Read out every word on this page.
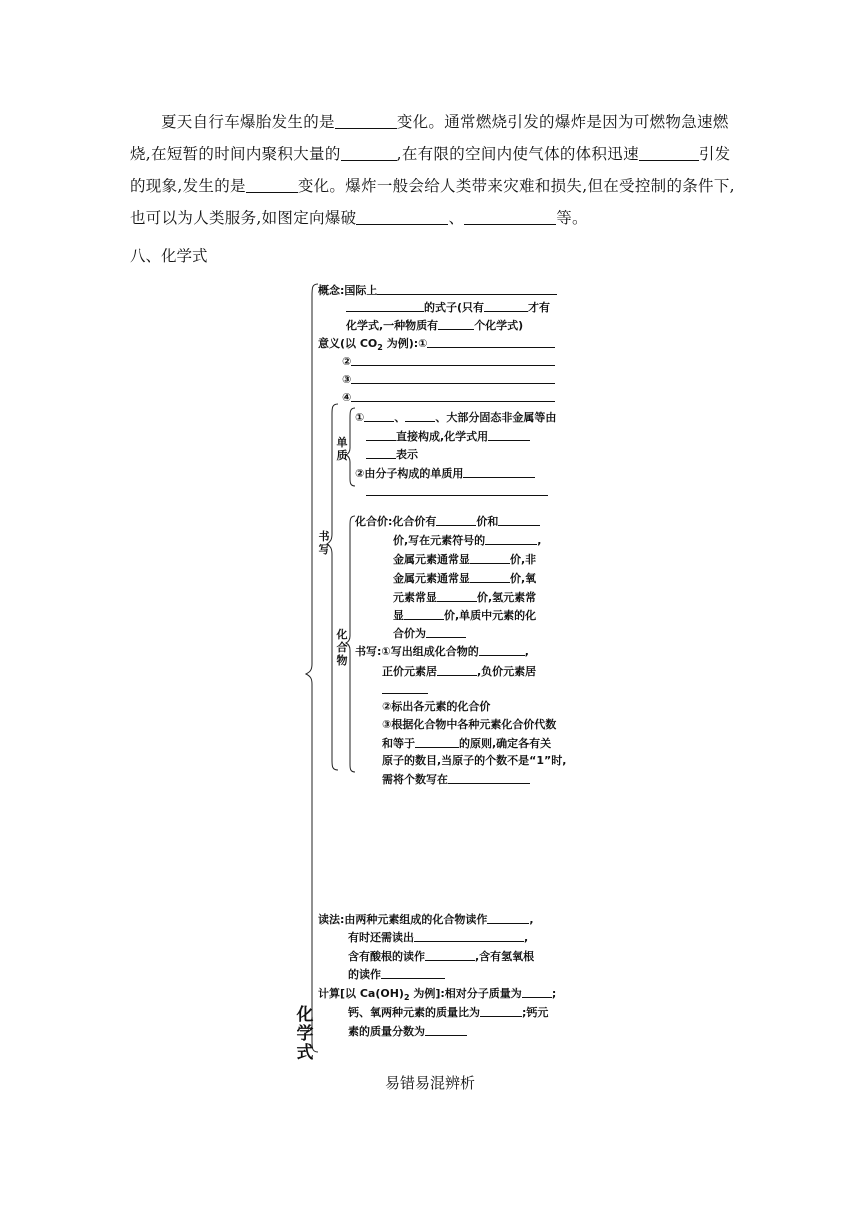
夏天自行车爆胎发生的是	变化。通常燃烧引发的爆炸是因为可燃物急速燃烧,在短暂的时间内聚积大量的	,在有限的空间内使气体的体积迅速	引发的现象,发生的是	变化。爆炸一般会给人类带来灾难和损失,但在受控制的条件下,也可以为人类服务,如图定向爆破	、	等。
八、化学式
概念:国际上
的式子(只有	才有
化学式,一种物质有	个化学式)
意义(以 $CO_2$ 为例):①
②
③
④
书写
单质
化合物
①	、	、大部分固态非金属等由
直接构成,化学式用
表示
②由分子构成的单质用
化合价:化合价有	价和
价,写在元素符号的	,
金属元素通常显	价,非
金属元素通常显	价,氧
元素常显	价,氢元素常
显	价,单质中元素的化
合价为
书写:①写出组成化合物的	,
正价元素居	,负价元素居
②标出各元素的化合价
③根据化合物中各种元素化合价代数
和等于	的原则,确定各有关
原子的数目,当原子的个数不是“1”时,
需将个数写在
读法:由两种元素组成的化合物读作	,
有时还需读出	,
含有酸根的读作	,含有氢氧根
的读作
计算[以 $Ca(OH)_2$ 为例]:相对分子质量为	;
钙、氧两种元素的质量比为	;钙元
素的质量分数为
化学式
易错易混辨析
